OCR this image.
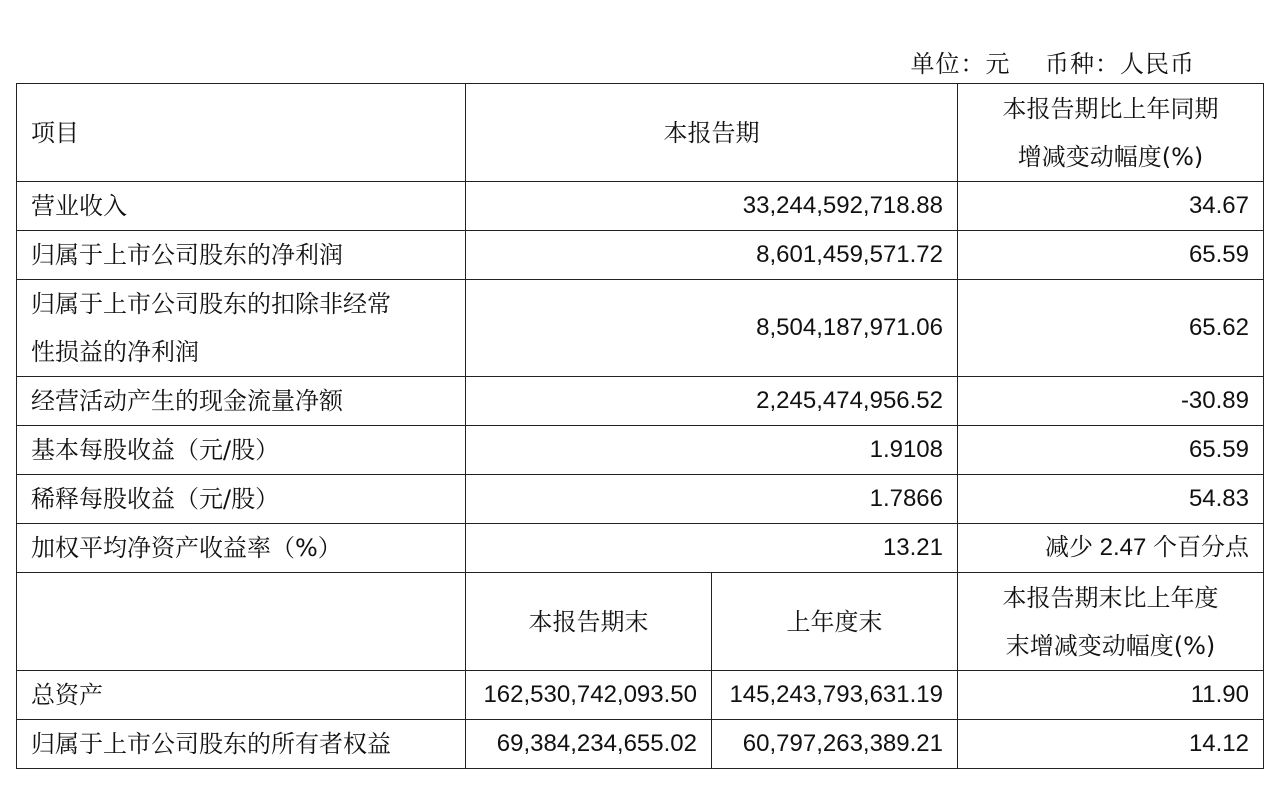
单位：元 币种：人民币
项目	本报告期		本报告期比上年同期
增减变动幅度(%)

营业收入	33,244,592,718.88		34.67
归属于上市公司股东的净利润	8,601,459,571.72		65.59

归属于上市公司股东的扣除非经常
性损益的净利润	8,504,187,971.06		65.62
经营活动产生的现金流量净额	2,245,474,956.52		-30.89
基本每股收益（元/股）	1.9108		65.59
稀释每股收益（元/股）	1.7866		54.83
加权平均净资产收益率（%）	13.21		减少 2.47 个百分点
	本报告期末	上年度末	本报告期末比上年度
末增减变动幅度(%)

总资产	162,530,742,093.50	145,243,793,631.19	11.90
归属于上市公司股东的所有者权益	69,384,234,655.02	60,797,263,389.21	14.12
